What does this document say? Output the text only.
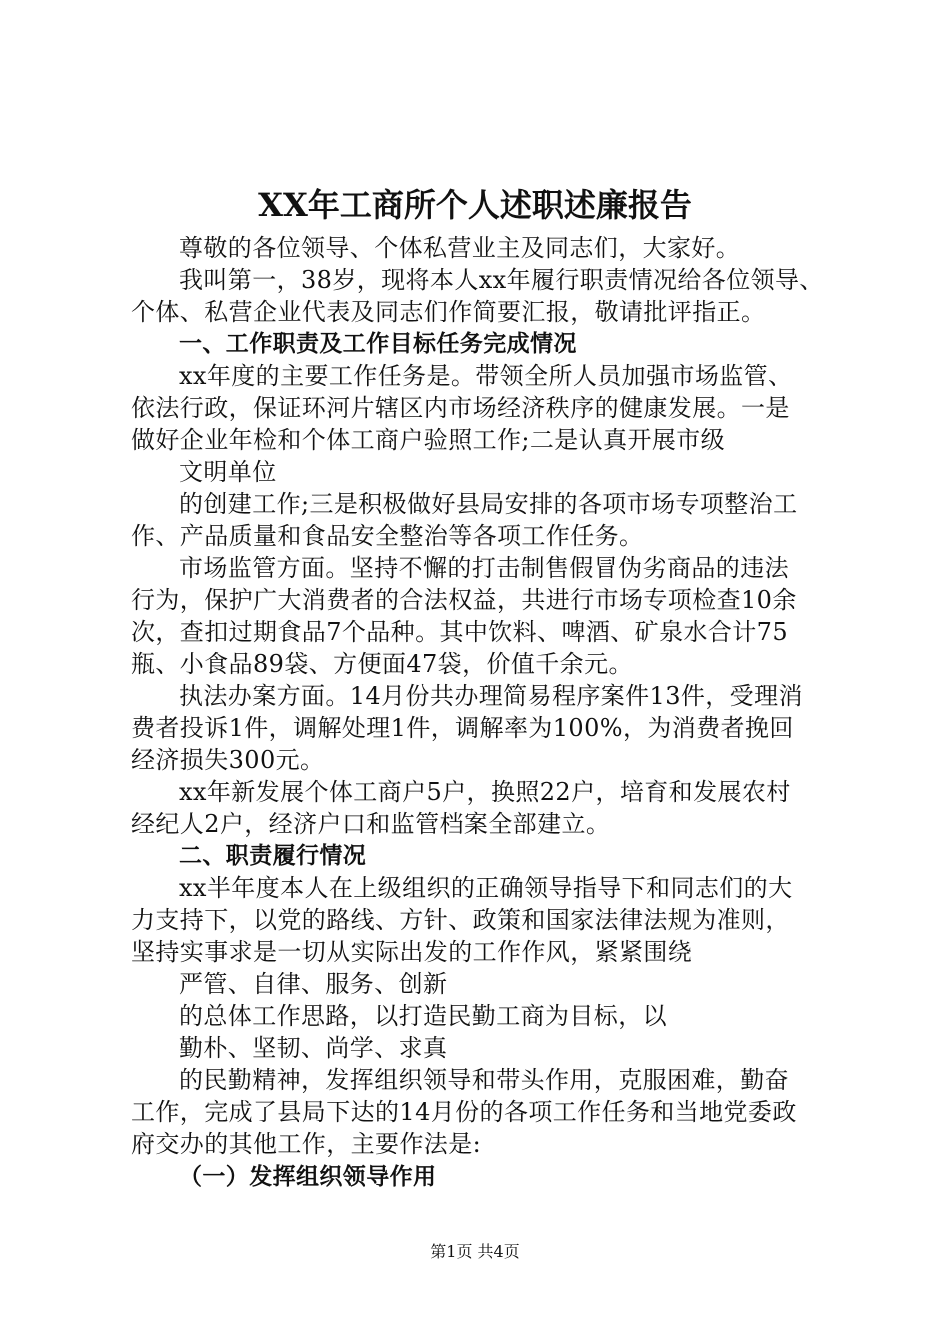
XX年工商所个人述职述廉报告
尊敬的各位领导、个体私营业主及同志们，大家好。
我叫第一，38岁，现将本人xx年履行职责情况给各位领导、
个体、私营企业代表及同志们作简要汇报，敬请批评指正。
一、工作职责及工作目标任务完成情况
xx年度的主要工作任务是。带领全所人员加强市场监管、
依法行政，保证环河片辖区内市场经济秩序的健康发展。一是
做好企业年检和个体工商户验照工作;二是认真开展市级
文明单位
的创建工作;三是积极做好县局安排的各项市场专项整治工
作、产品质量和食品安全整治等各项工作任务。
市场监管方面。坚持不懈的打击制售假冒伪劣商品的违法
行为，保护广大消费者的合法权益，共进行市场专项检查10余
次，查扣过期食品7个品种。其中饮料、啤酒、矿泉水合计75
瓶、小食品89袋、方便面47袋，价值千余元。
执法办案方面。14月份共办理简易程序案件13件，受理消
费者投诉1件，调解处理1件，调解率为100%，为消费者挽回
经济损失300元。
xx年新发展个体工商户5户，换照22户，培育和发展农村
经纪人2户，经济户口和监管档案全部建立。
二、职责履行情况
xx半年度本人在上级组织的正确领导指导下和同志们的大
力支持下，以党的路线、方针、政策和国家法律法规为准则，
坚持实事求是一切从实际出发的工作作风，紧紧围绕
严管、自律、服务、创新
的总体工作思路，以打造民勤工商为目标，以
勤朴、坚韧、尚学、求真
的民勤精神，发挥组织领导和带头作用，克服困难，勤奋
工作，完成了县局下达的14月份的各项工作任务和当地党委政
府交办的其他工作，主要作法是:
（一）发挥组织领导作用
第1页 共4页
